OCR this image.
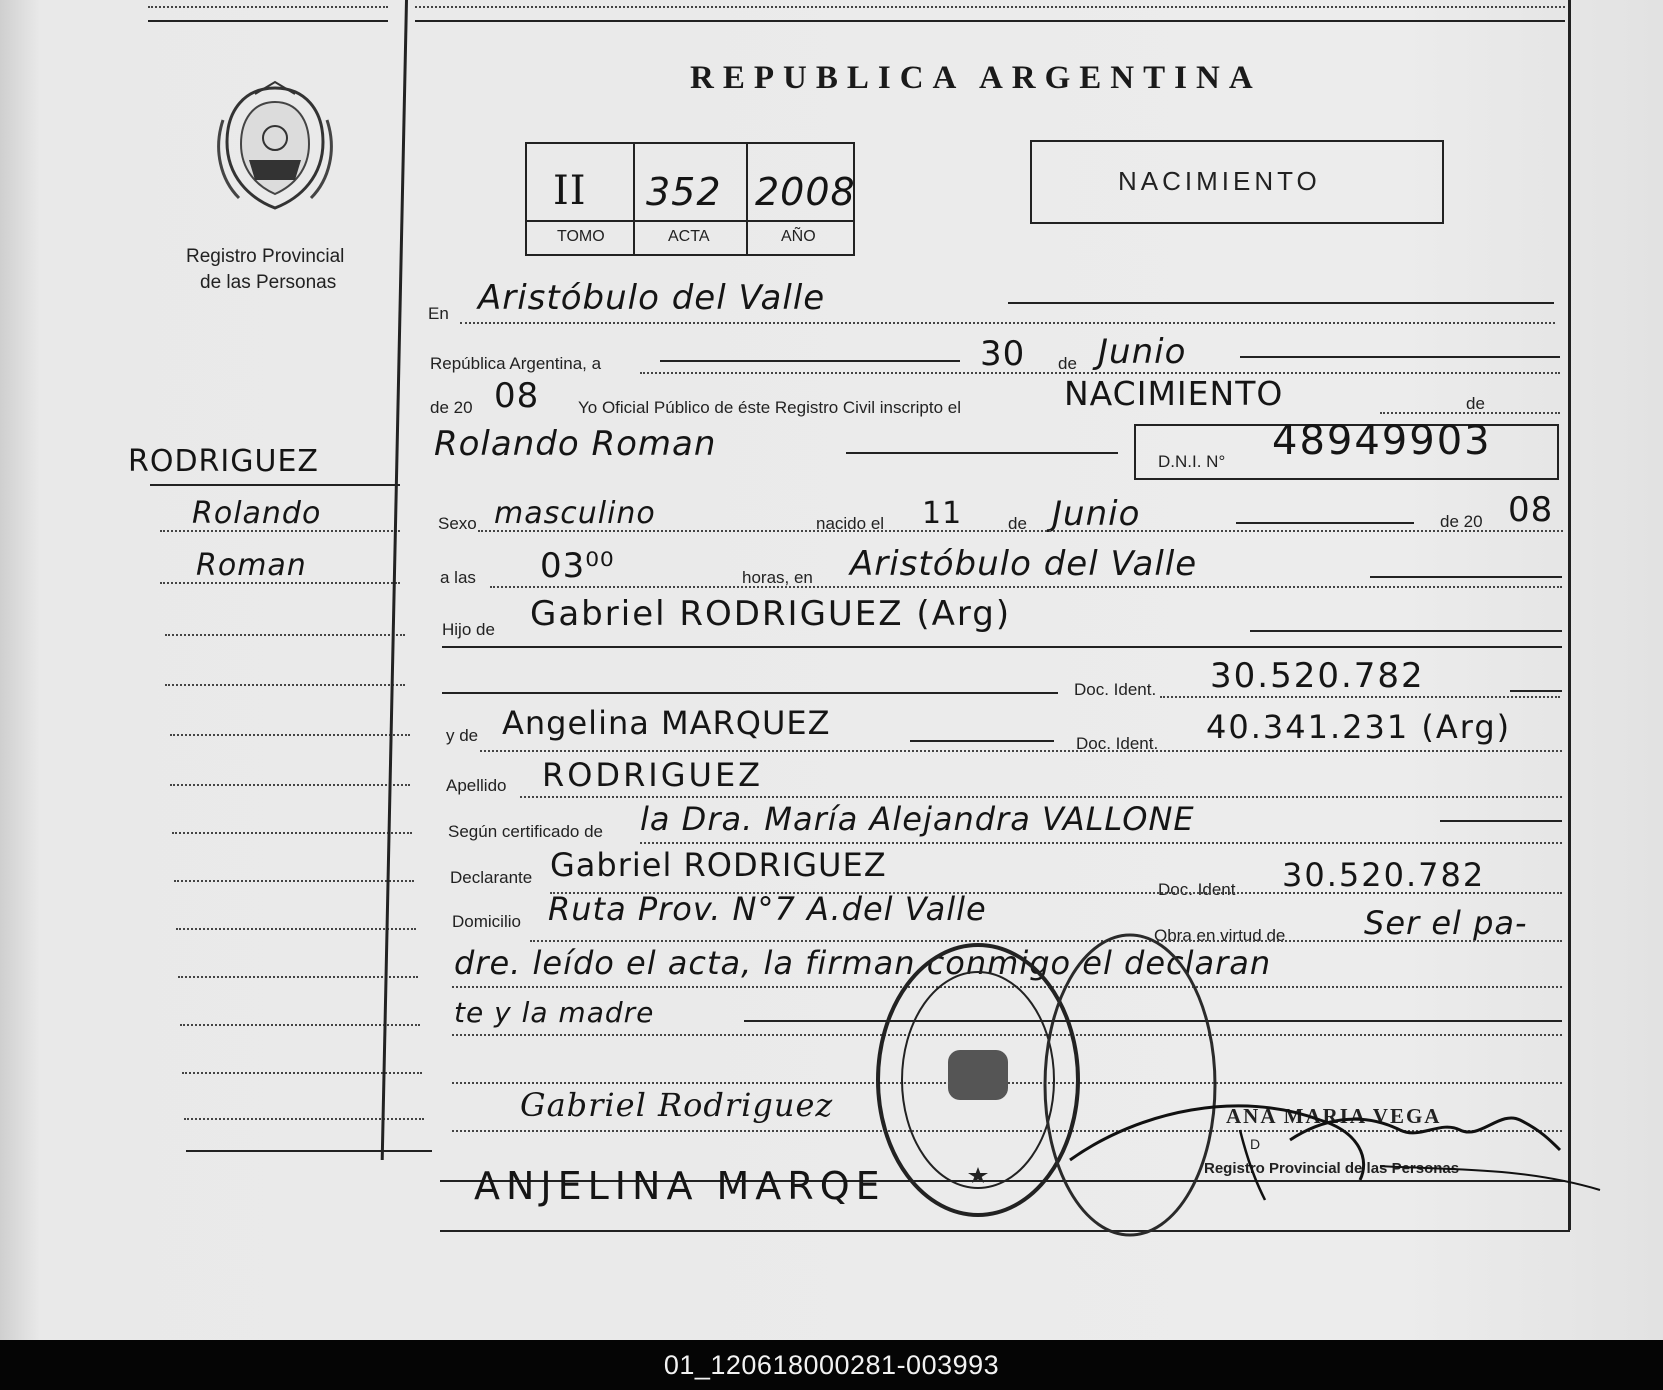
Registro Provincial
de las Personas
RODRIGUEZ
Rolando
Roman
REPUBLICA ARGENTINA
II 352 2008
TOMO	ACTA	AÑO
NACIMIENTO
En Aristóbulo del Valle
República Argentina, a	30 de Junio
de 20 08 Yo Oficial Público de éste Registro Civil inscripto el	NACIMIENTO	de
Rolando Roman	D.N.I. N° 48949903
Sexo masculino	nacido el 11	de Junio	de 20 08
a las 03⁰⁰	horas, en Aristóbulo del Valle
Hijo de Gabriel RODRIGUEZ (Arg)
Doc. Ident. 30.520.782
y de Angelina MARQUEZ
Doc. Ident. 40.341.231 (Arg)
Apellido RODRIGUEZ
Según certificado de la Dra. María Alejandra VALLONE
Declarante Gabriel RODRIGUEZ
Doc. Ident 30.520.782
Domicilio Ruta Prov. N°7 A.del Valle
Obra en virtud de Ser el pa-
dre. leído el acta, la firman conmigo el declaran
te y la madre
Gabriel Rodriguez
ANJELINA MARQE
ANA MARIA VEGA
D
Registro Provincial de las Personas
01_120618000281-003993
